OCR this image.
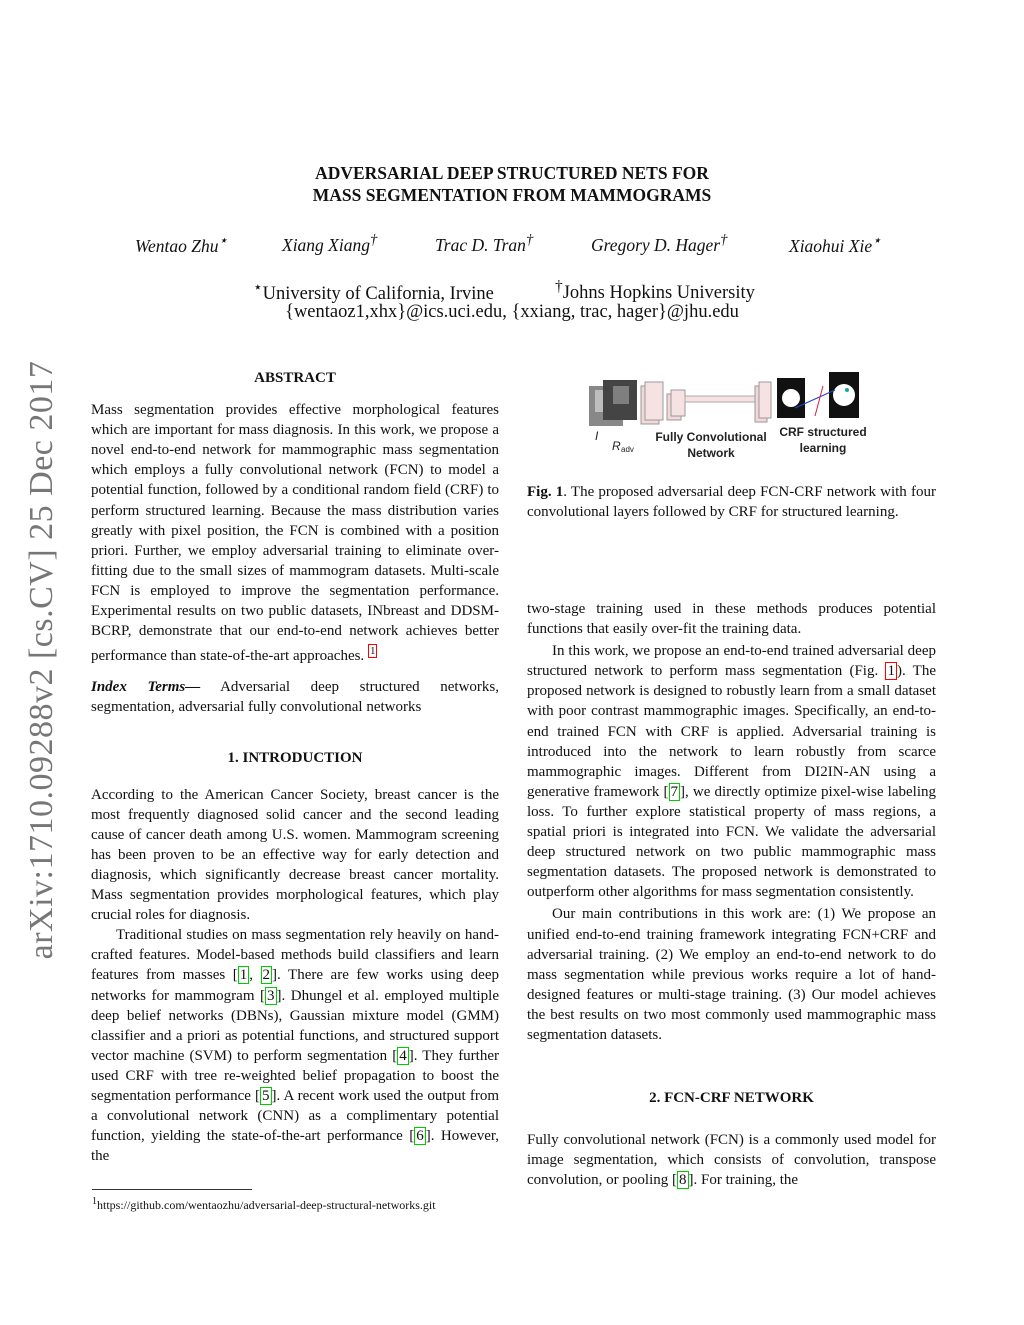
arXiv:1710.09288v2 [cs.CV] 25 Dec 2017
ADVERSARIAL DEEP STRUCTURED NETS FOR
MASS SEGMENTATION FROM MAMMOGRAMS
Wentao Zhu⋆	Xiang Xiang†	Trac D. Tran†	Gregory D. Hager†	Xiaohui Xie⋆
⋆University of California, Irvine	†Johns Hopkins University
{wentaoz1,xhx}@ics.uci.edu, {xxiang, trac, hager}@jhu.edu
ABSTRACT

Mass segmentation provides effective morphological features which are important for mass diagnosis. In this work, we propose a novel end-to-end network for mammographic mass segmentation which employs a fully convolutional network (FCN) to model a potential function, followed by a conditional random field (CRF) to perform structured learning. Because the mass distribution varies greatly with pixel position, the FCN is combined with a position priori. Further, we employ adversarial training to eliminate over-fitting due to the small sizes of mammogram datasets. Multi-scale FCN is employed to improve the segmentation performance. Experimental results on two public datasets, INbreast and DDSM-BCRP, demonstrate that our end-to-end network achieves better performance than state-of-the-art approaches. $^1$

Index Terms— Adversarial deep structured networks, segmentation, adversarial fully convolutional networks

1. INTRODUCTION

According to the American Cancer Society, breast cancer is the most frequently diagnosed solid cancer and the second leading cause of cancer death among U.S. women. Mammogram screening has been proven to be an effective way for early detection and diagnosis, which significantly decrease breast cancer mortality. Mass segmentation provides morphological features, which play crucial roles for diagnosis.

Traditional studies on mass segmentation rely heavily on hand-crafted features. Model-based methods build classifiers and learn features from masses [ 1 , 2 ]. There are few works using deep networks for mammogram [ 3 ]. Dhungel et al. employed multiple deep belief networks (DBNs), Gaussian mixture model (GMM) classifier and a priori as potential functions, and structured support vector machine (SVM) to perform segmentation [ 4 ]. They further used CRF with tree re-weighted belief propagation to boost the segmentation performance [ 5 ]. A recent work used the output from a convolutional network (CNN) as a complimentary potential function, yielding the state-of-the-art performance [ 6 ]. However, the

$^1$https://github.com/wentaozhu/adversarial-deep-structural-networks.git
I
R adv
Fully Convolutional
Network
CRF structured
learning
Fig. 1. The proposed adversarial deep FCN-CRF network with four convolutional layers followed by CRF for structured learning.

two-stage training used in these methods produces potential functions that easily over-fit the training data.

In this work, we propose an end-to-end trained adversarial deep structured network to perform mass segmentation (Fig. 1 ). The proposed network is designed to robustly learn from a small dataset with poor contrast mammographic images. Specifically, an end-to-end trained FCN with CRF is applied. Adversarial training is introduced into the network to learn robustly from scarce mammographic images. Different from DI2IN-AN using a generative framework [ 7 ], we directly optimize pixel-wise labeling loss. To further explore statistical property of mass regions, a spatial priori is integrated into FCN. We validate the adversarial deep structured network on two public mammographic mass segmentation datasets. The proposed network is demonstrated to outperform other algorithms for mass segmentation consistently.

Our main contributions in this work are: (1) We propose an unified end-to-end training framework integrating FCN+CRF and adversarial training. (2) We employ an end-to-end network to do mass segmentation while previous works require a lot of hand-designed features or multi-stage training. (3) Our model achieves the best results on two most commonly used mammographic mass segmentation datasets.

2. FCN-CRF NETWORK

Fully convolutional network (FCN) is a commonly used model for image segmentation, which consists of convolution, transpose convolution, or pooling [ 8 ]. For training, the
